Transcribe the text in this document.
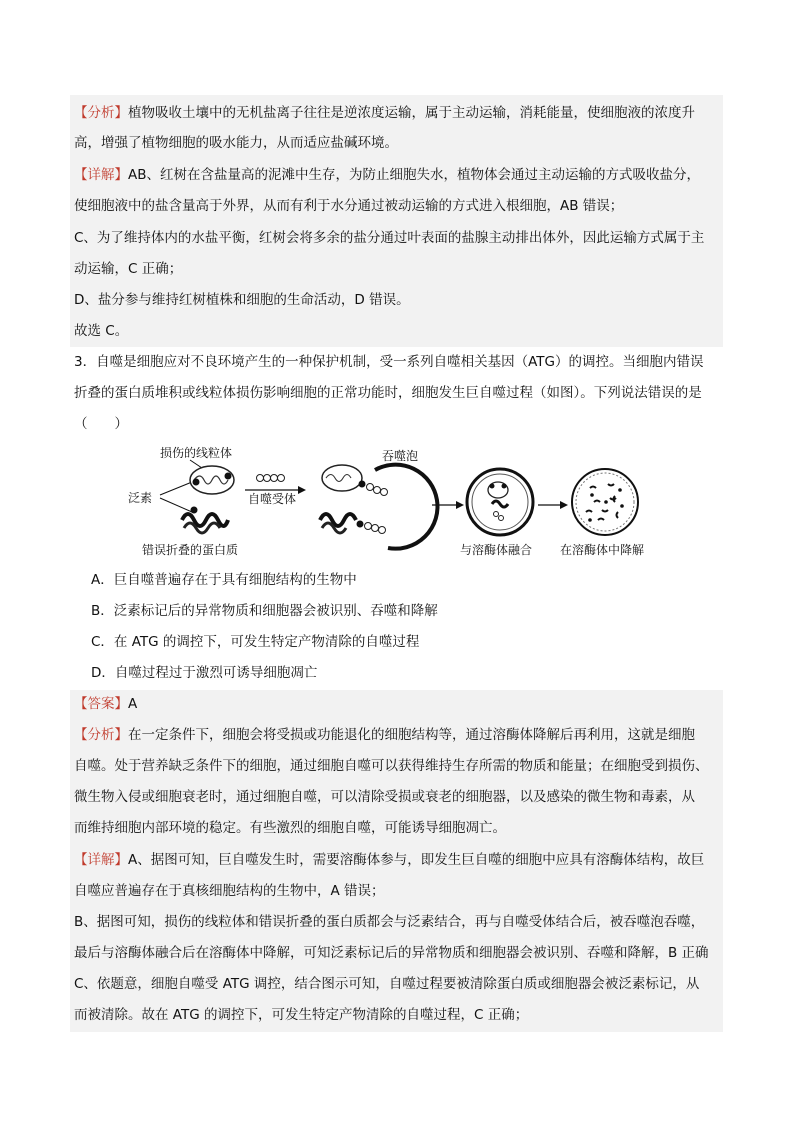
【分析】植物吸收土壤中的无机盐离子往往是逆浓度运输，属于主动运输，消耗能量，使细胞液的浓度升
高，增强了植物细胞的吸水能力，从而适应盐碱环境。
【详解】AB、红树在含盐量高的泥滩中生存，为防止细胞失水，植物体会通过主动运输的方式吸收盐分，
使细胞液中的盐含量高于外界，从而有利于水分通过被动运输的方式进入根细胞，AB 错误；
C、为了维持体内的水盐平衡，红树会将多余的盐分通过叶表面的盐腺主动排出体外，因此运输方式属于主
动运输，C 正确；
D、盐分参与维持红树植株和细胞的生命活动，D 错误。
故选 C。
3．自噬是细胞应对不良环境产生的一种保护机制，受一系列自噬相关基因（ATG）的调控。当细胞内错误
折叠的蛋白质堆积或线粒体损伤影响细胞的正常功能时，细胞发生巨自噬过程（如图）。下列说法错误的是
（　　）
损伤的线粒体
泛素
错误折叠的蛋白质
自噬受体
吞噬泡
与溶酶体融合 在溶酶体中降解
A．巨自噬普遍存在于具有细胞结构的生物中
B．泛素标记后的异常物质和细胞器会被识别、吞噬和降解
C．在 ATG 的调控下，可发生特定产物清除的自噬过程
D．自噬过程过于激烈可诱导细胞凋亡
【答案】A
【分析】在一定条件下，细胞会将受损或功能退化的细胞结构等，通过溶酶体降解后再利用，这就是细胞
自噬。处于营养缺乏条件下的细胞，通过细胞自噬可以获得维持生存所需的物质和能量；在细胞受到损伤、
微生物入侵或细胞衰老时，通过细胞自噬，可以清除受损或衰老的细胞器，以及感染的微生物和毒素，从
而维持细胞内部环境的稳定。有些激烈的细胞自噬，可能诱导细胞凋亡。
【详解】A、据图可知，巨自噬发生时，需要溶酶体参与，即发生巨自噬的细胞中应具有溶酶体结构，故巨
自噬应普遍存在于真核细胞结构的生物中，A 错误；
B、据图可知，损伤的线粒体和错误折叠的蛋白质都会与泛素结合，再与自噬受体结合后，被吞噬泡吞噬，
最后与溶酶体融合后在溶酶体中降解，可知泛素标记后的异常物质和细胞器会被识别、吞噬和降解，B 正确
C、依题意，细胞自噬受 ATG 调控，结合图示可知，自噬过程要被清除蛋白质或细胞器会被泛素标记，从
而被清除。故在 ATG 的调控下，可发生特定产物清除的自噬过程，C 正确；
